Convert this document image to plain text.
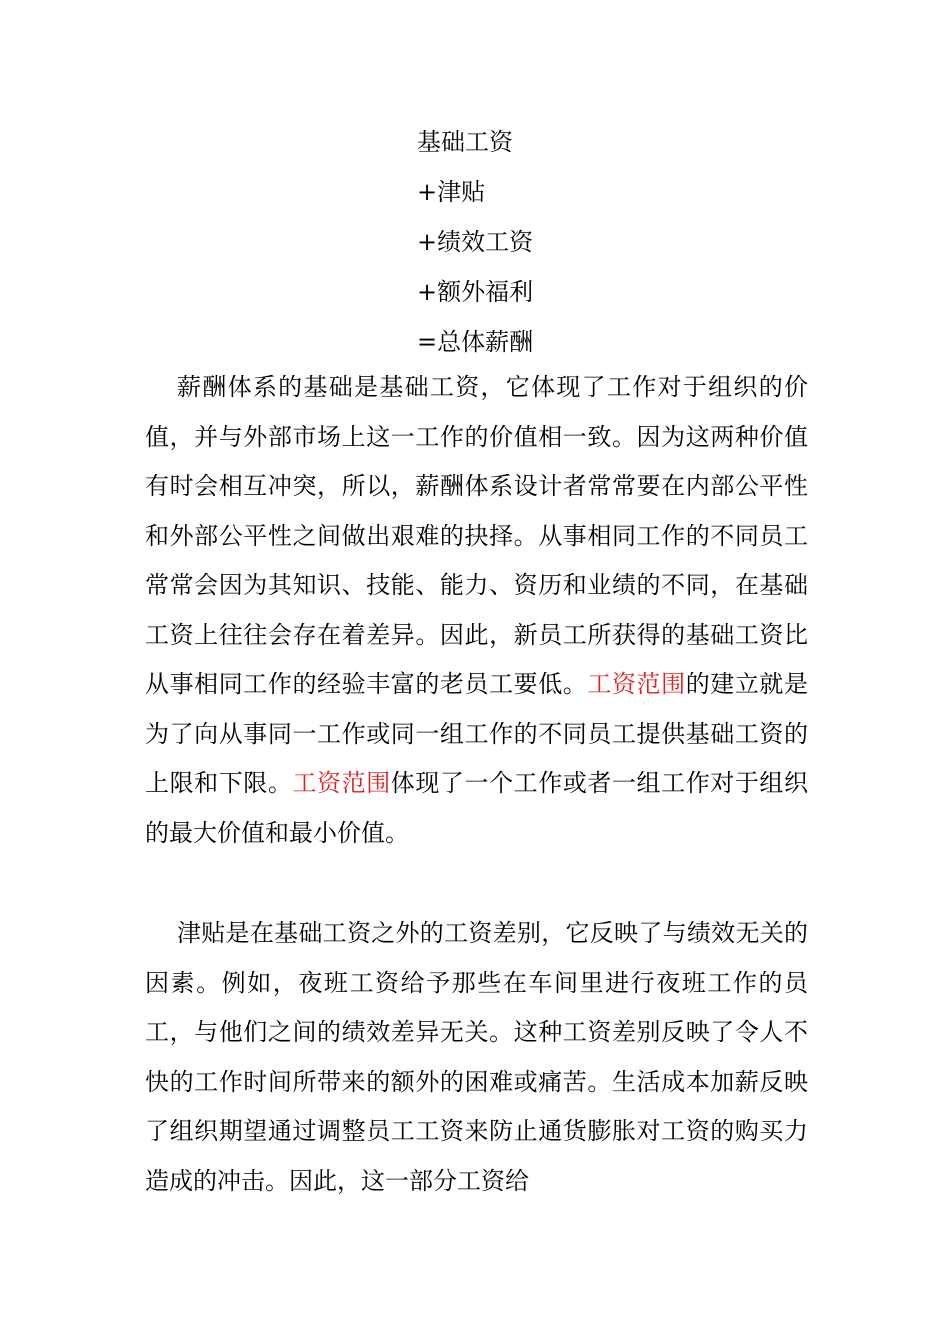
基础工资
+津贴
+绩效工资
+额外福利
=总体薪酬

薪酬体系的基础是基础工资，它体现了工作对于组织的价值，并与外部市场上这一工作的价值相一致。因为这两种价值有时会相互冲突，所以，薪酬体系设计者常常要在内部公平性和外部公平性之间做出艰难的抉择。从事相同工作的不同员工常常会因为其知识、技能、能力、资历和业绩的不同，在基础工资上往往会存在着差异。因此，新员工所获得的基础工资比从事相同工作的经验丰富的老员工要低。工资范围的建立就是为了向从事同一工作或同一组工作的不同员工提供基础工资的上限和下限。工资范围体现了一个工作或者一组工作对于组织的最大价值和最小价值。

津贴是在基础工资之外的工资差别，它反映了与绩效无关的因素。例如，夜班工资给予那些在车间里进行夜班工作的员工，与他们之间的绩效差异无关。这种工资差别反映了令人不快的工作时间所带来的额外的困难或痛苦。生活成本加薪反映了组织期望通过调整员工工资来防止通货膨胀对工资的购买力造成的冲击。因此，这一部分工资给
